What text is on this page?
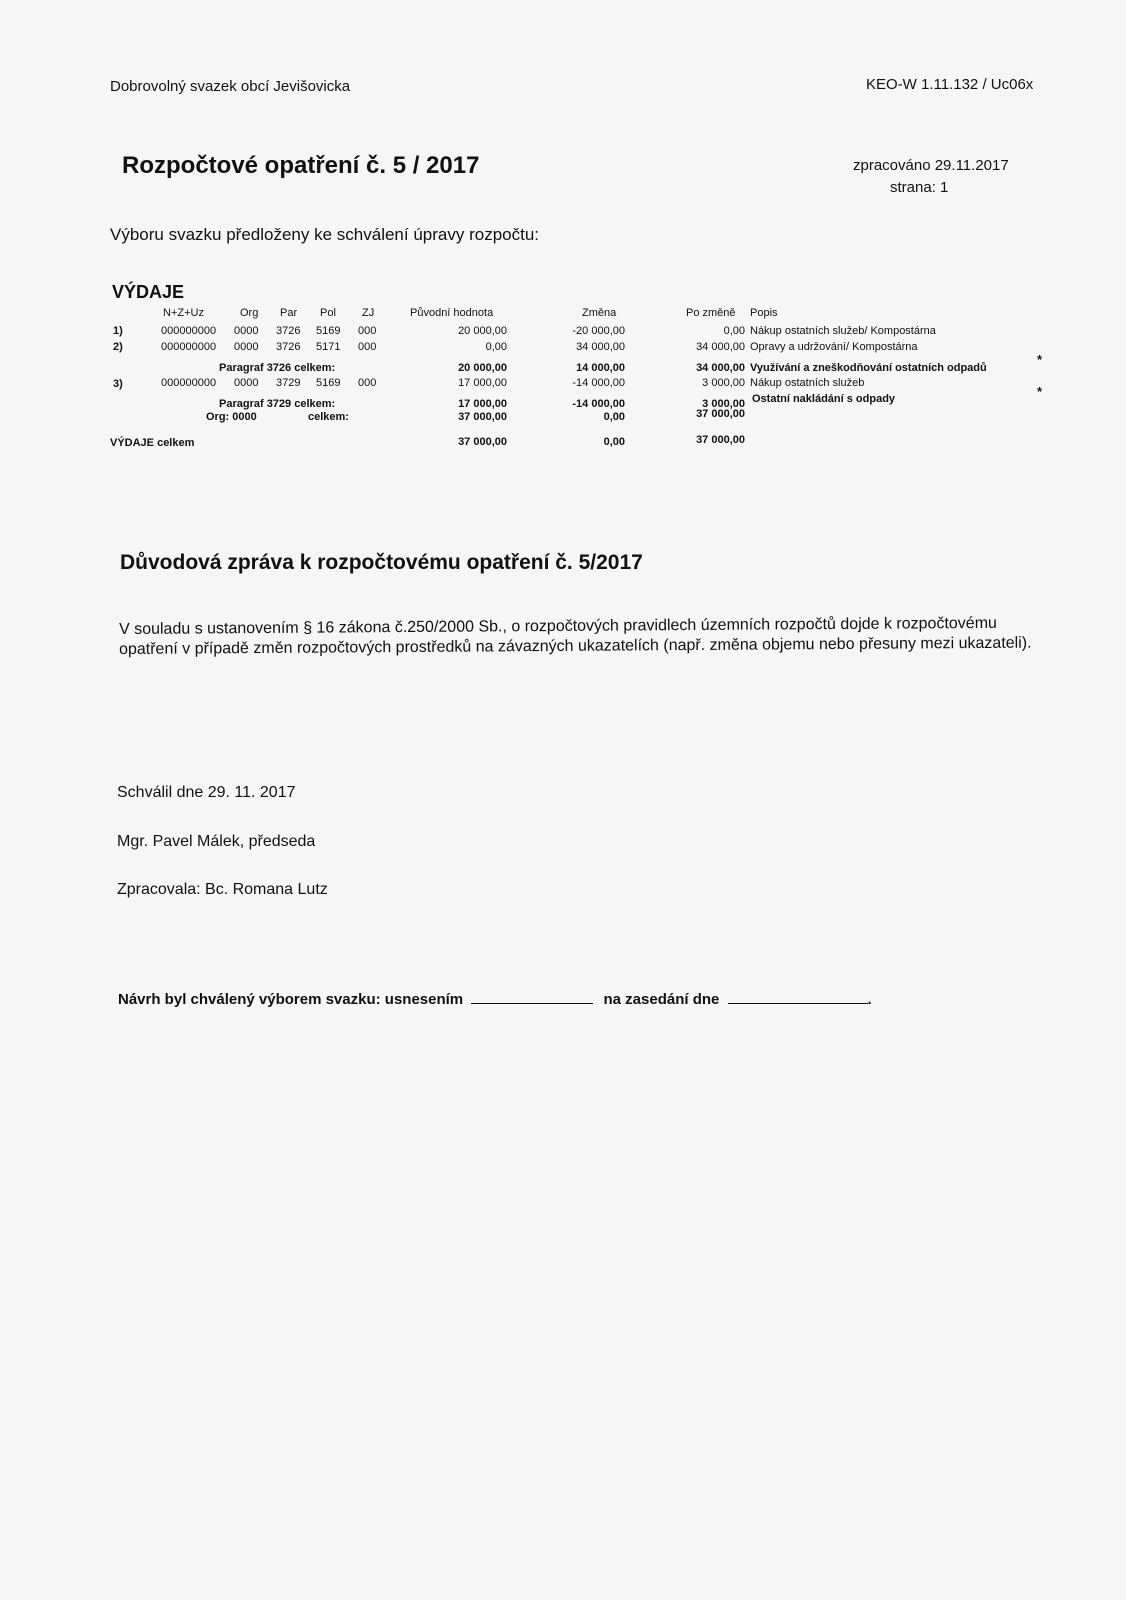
Dobrovolný svazek obcí Jevišovicka	KEO-W 1.11.132 / Uc06x
Rozpočtové opatření č. 5 / 2017	zpracováno 29.11.2017
strana: 1
Výboru svazku předloženy ke schválení úpravy rozpočtu:
VÝDAJE
N+Z+Uz	Org Par Pol ZJ	Původní hodnota	Změna	Po změně Popis
1)	000000000 0000 3726 5169 000	20 000,00	-20 000,00	0,00 Nákup ostatních služeb/ Kompostárna
2)	000000000 0000 3726 5171 000	0,00	34 000,00	34 000,00 Opravy a udržování/ Kompostárna
Paragraf 3726 celkem:	20 000,00	14 000,00	34 000,00 Využívání a zneškodňování ostatních odpadů
*
3)	000000000 0000 3729 5169 000	17 000,00	-14 000,00	3 000,00 Nákup ostatních služeb
Paragraf 3729 celkem:	17 000,00	-14 000,00	3 000,00 Ostatní nakládání s odpady	*
Org: 0000	celkem:	37 000,00	0,00	37 000,00
VÝDAJE celkem	37 000,00	0,00	37 000,00
Důvodová zpráva k rozpočtovému opatření č. 5/2017
V souladu s ustanovením § 16 zákona č.250/2000 Sb., o rozpočtových pravidlech územních rozpočtů dojde k rozpočtovému
opatření v případě změn rozpočtových prostředků na závazných ukazatelích (např. změna objemu nebo přesuny mezi ukazateli).
Schválil dne 29. 11. 2017
Mgr. Pavel Málek, předseda
Zpracovala: Bc. Romana Lutz
Návrh byl chválený výborem svazku: usnesením	na zasedání dne	.
